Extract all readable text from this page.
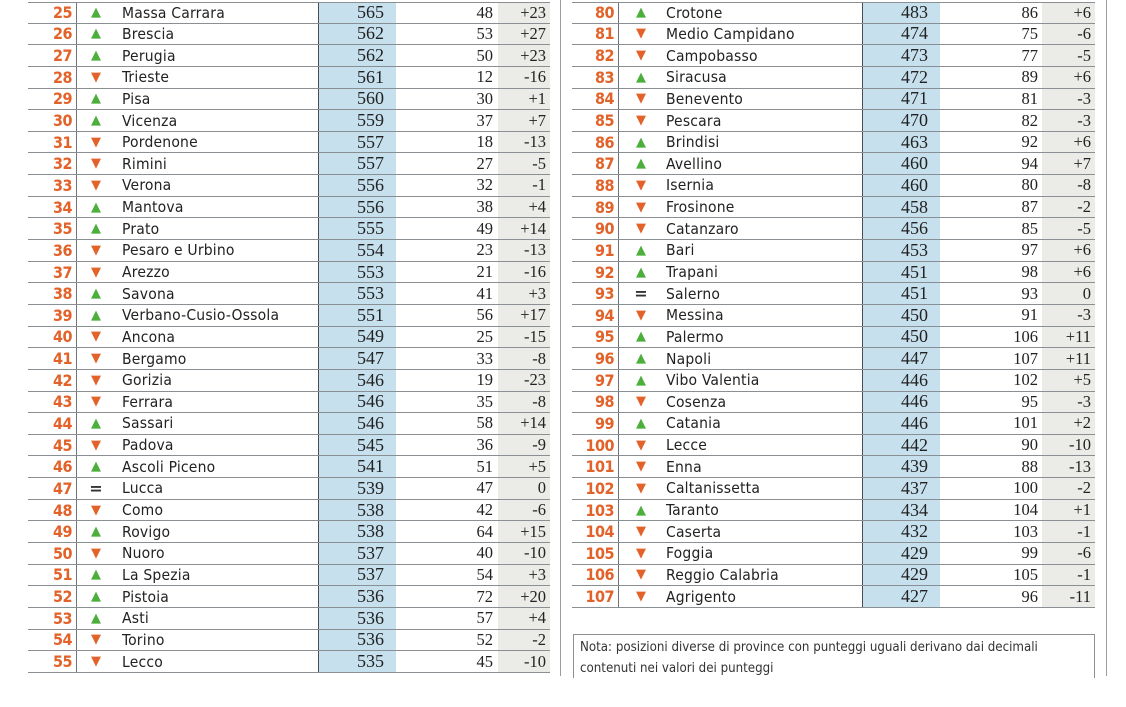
25	▲	Massa Carrara	565	48	+23
26	▲	Brescia	562	53	+27
27	▲	Perugia	562	50	+23
28	▼	Trieste	561	12	-16
29	▲	Pisa	560	30	+1
30	▲	Vicenza	559	37	+7
31	▼	Pordenone	557	18	-13
32	▼	Rimini	557	27	-5
33	▼	Verona	556	32	-1
34	▲	Mantova	556	38	+4
35	▲	Prato	555	49	+14
36	▼	Pesaro e Urbino	554	23	-13
37	▼	Arezzo	553	21	-16
38	▲	Savona	553	41	+3
39	▲	Verbano-Cusio-Ossola	551	56	+17
40	▼	Ancona	549	25	-15
41	▼	Bergamo	547	33	-8
42	▼	Gorizia	546	19	-23
43	▼	Ferrara	546	35	-8
44	▲	Sassari	546	58	+14
45	▼	Padova	545	36	-9
46	▲	Ascoli Piceno	541	51	+5
47	=	Lucca	539	47	0
48	▼	Como	538	42	-6
49	▲	Rovigo	538	64	+15
50	▼	Nuoro	537	40	-10
51	▲	La Spezia	537	54	+3
52	▲	Pistoia	536	72	+20
53	▲	Asti	536	57	+4
54	▼	Torino	536	52	-2
55	▼	Lecco	535	45	-10
80	▲	Crotone	483	86	+6
81	▼	Medio Campidano	474	75	-6
82	▼	Campobasso	473	77	-5
83	▲	Siracusa	472	89	+6
84	▼	Benevento	471	81	-3
85	▼	Pescara	470	82	-3
86	▲	Brindisi	463	92	+6
87	▲	Avellino	460	94	+7
88	▼	Isernia	460	80	-8
89	▼	Frosinone	458	87	-2
90	▼	Catanzaro	456	85	-5
91	▲	Bari	453	97	+6
92	▲	Trapani	451	98	+6
93	=	Salerno	451	93	0
94	▼	Messina	450	91	-3
95	▲	Palermo	450	106	+11
96	▲	Napoli	447	107	+11
97	▲	Vibo Valentia	446	102	+5
98	▼	Cosenza	446	95	-3
99	▲	Catania	446	101	+2
100	▼	Lecce	442	90	-10
101	▼	Enna	439	88	-13
102	▼	Caltanissetta	437	100	-2
103	▲	Taranto	434	104	+1
104	▼	Caserta	432	103	-1
105	▼	Foggia	429	99	-6
106	▼	Reggio Calabria	429	105	-1
107	▼	Agrigento	427	96	-11
Nota: posizioni diverse di province con punteggi uguali derivano dai decimali contenuti nei valori dei punteggi
